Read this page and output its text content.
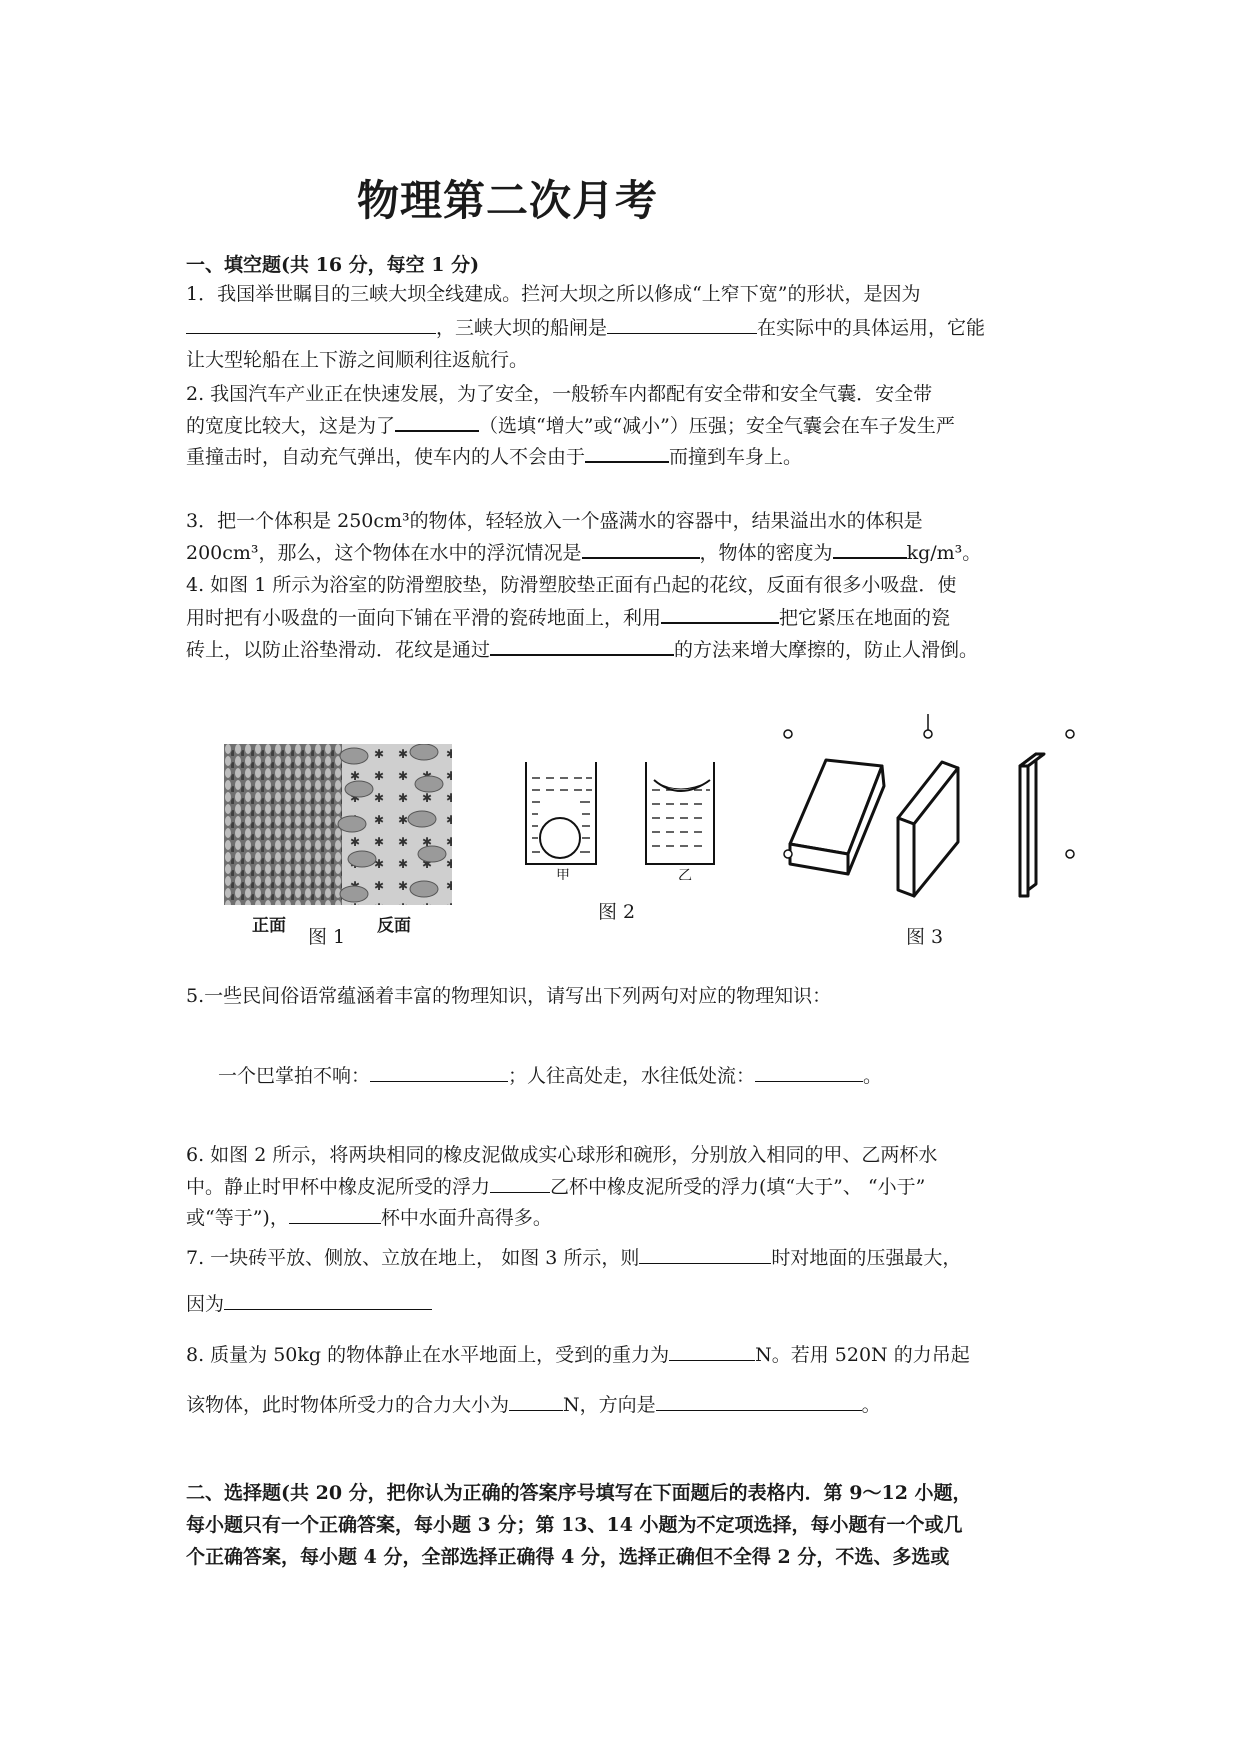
物理第二次月考
一、填空题(共 16 分，每空 1 分)
1．我国举世瞩目的三峡大坝全线建成。拦河大坝之所以修成“上窄下宽”的形状，是因为
，三峡大坝的船闸是	在实际中的具体运用，它能
让大型轮船在上下游之间顺利往返航行。
2. 我国汽车产业正在快速发展，为了安全，一般轿车内都配有安全带和安全气囊．安全带
的宽度比较大，这是为了	（选填“增大”或“减小”）压强；安全气囊会在车子发生严
重撞击时，自动充气弹出，使车内的人不会由于	而撞到车身上。
3．把一个体积是 250cm³的物体，轻轻放入一个盛满水的容器中，结果溢出水的体积是
200cm³，那么，这个物体在水中的浮沉情况是	，物体的密度为	kg/m³。
4. 如图 1 所示为浴室的防滑塑胶垫，防滑塑胶垫正面有凸起的花纹，反面有很多小吸盘．使
用时把有小吸盘的一面向下铺在平滑的瓷砖地面上，利用	把它紧压在地面的瓷
砖上，以防止浴垫滑动．花纹是通过	的方法来增大摩擦的，防止人滑倒。
正面	反面
图 1
甲	乙
图 2
图 3
5.一些民间俗语常蕴涵着丰富的物理知识，请写出下列两句对应的物理知识：
一个巴掌拍不响：	；人往高处走，水往低处流：	。
6. 如图 2 所示，将两块相同的橡皮泥做成实心球形和碗形，分别放入相同的甲、乙两杯水
中。静止时甲杯中橡皮泥所受的浮力	乙杯中橡皮泥所受的浮力(填“大于”、 “小于”
或“等于”)，	杯中水面升高得多。
7. 一块砖平放、侧放、立放在地上， 如图 3 所示，则	时对地面的压强最大，
因为
8. 质量为 50kg 的物体静止在水平地面上，受到的重力为	N。若用 520N 的力吊起
该物体，此时物体所受力的合力大小为	N，方向是	。
二、选择题(共 20 分，把你认为正确的答案序号填写在下面题后的表格内．第 9～12 小题，
每小题只有一个正确答案，每小题 3 分；第 13、14 小题为不定项选择，每小题有一个或几
个正确答案，每小题 4 分，全部选择正确得 4 分，选择正确但不全得 2 分，不选、多选或
